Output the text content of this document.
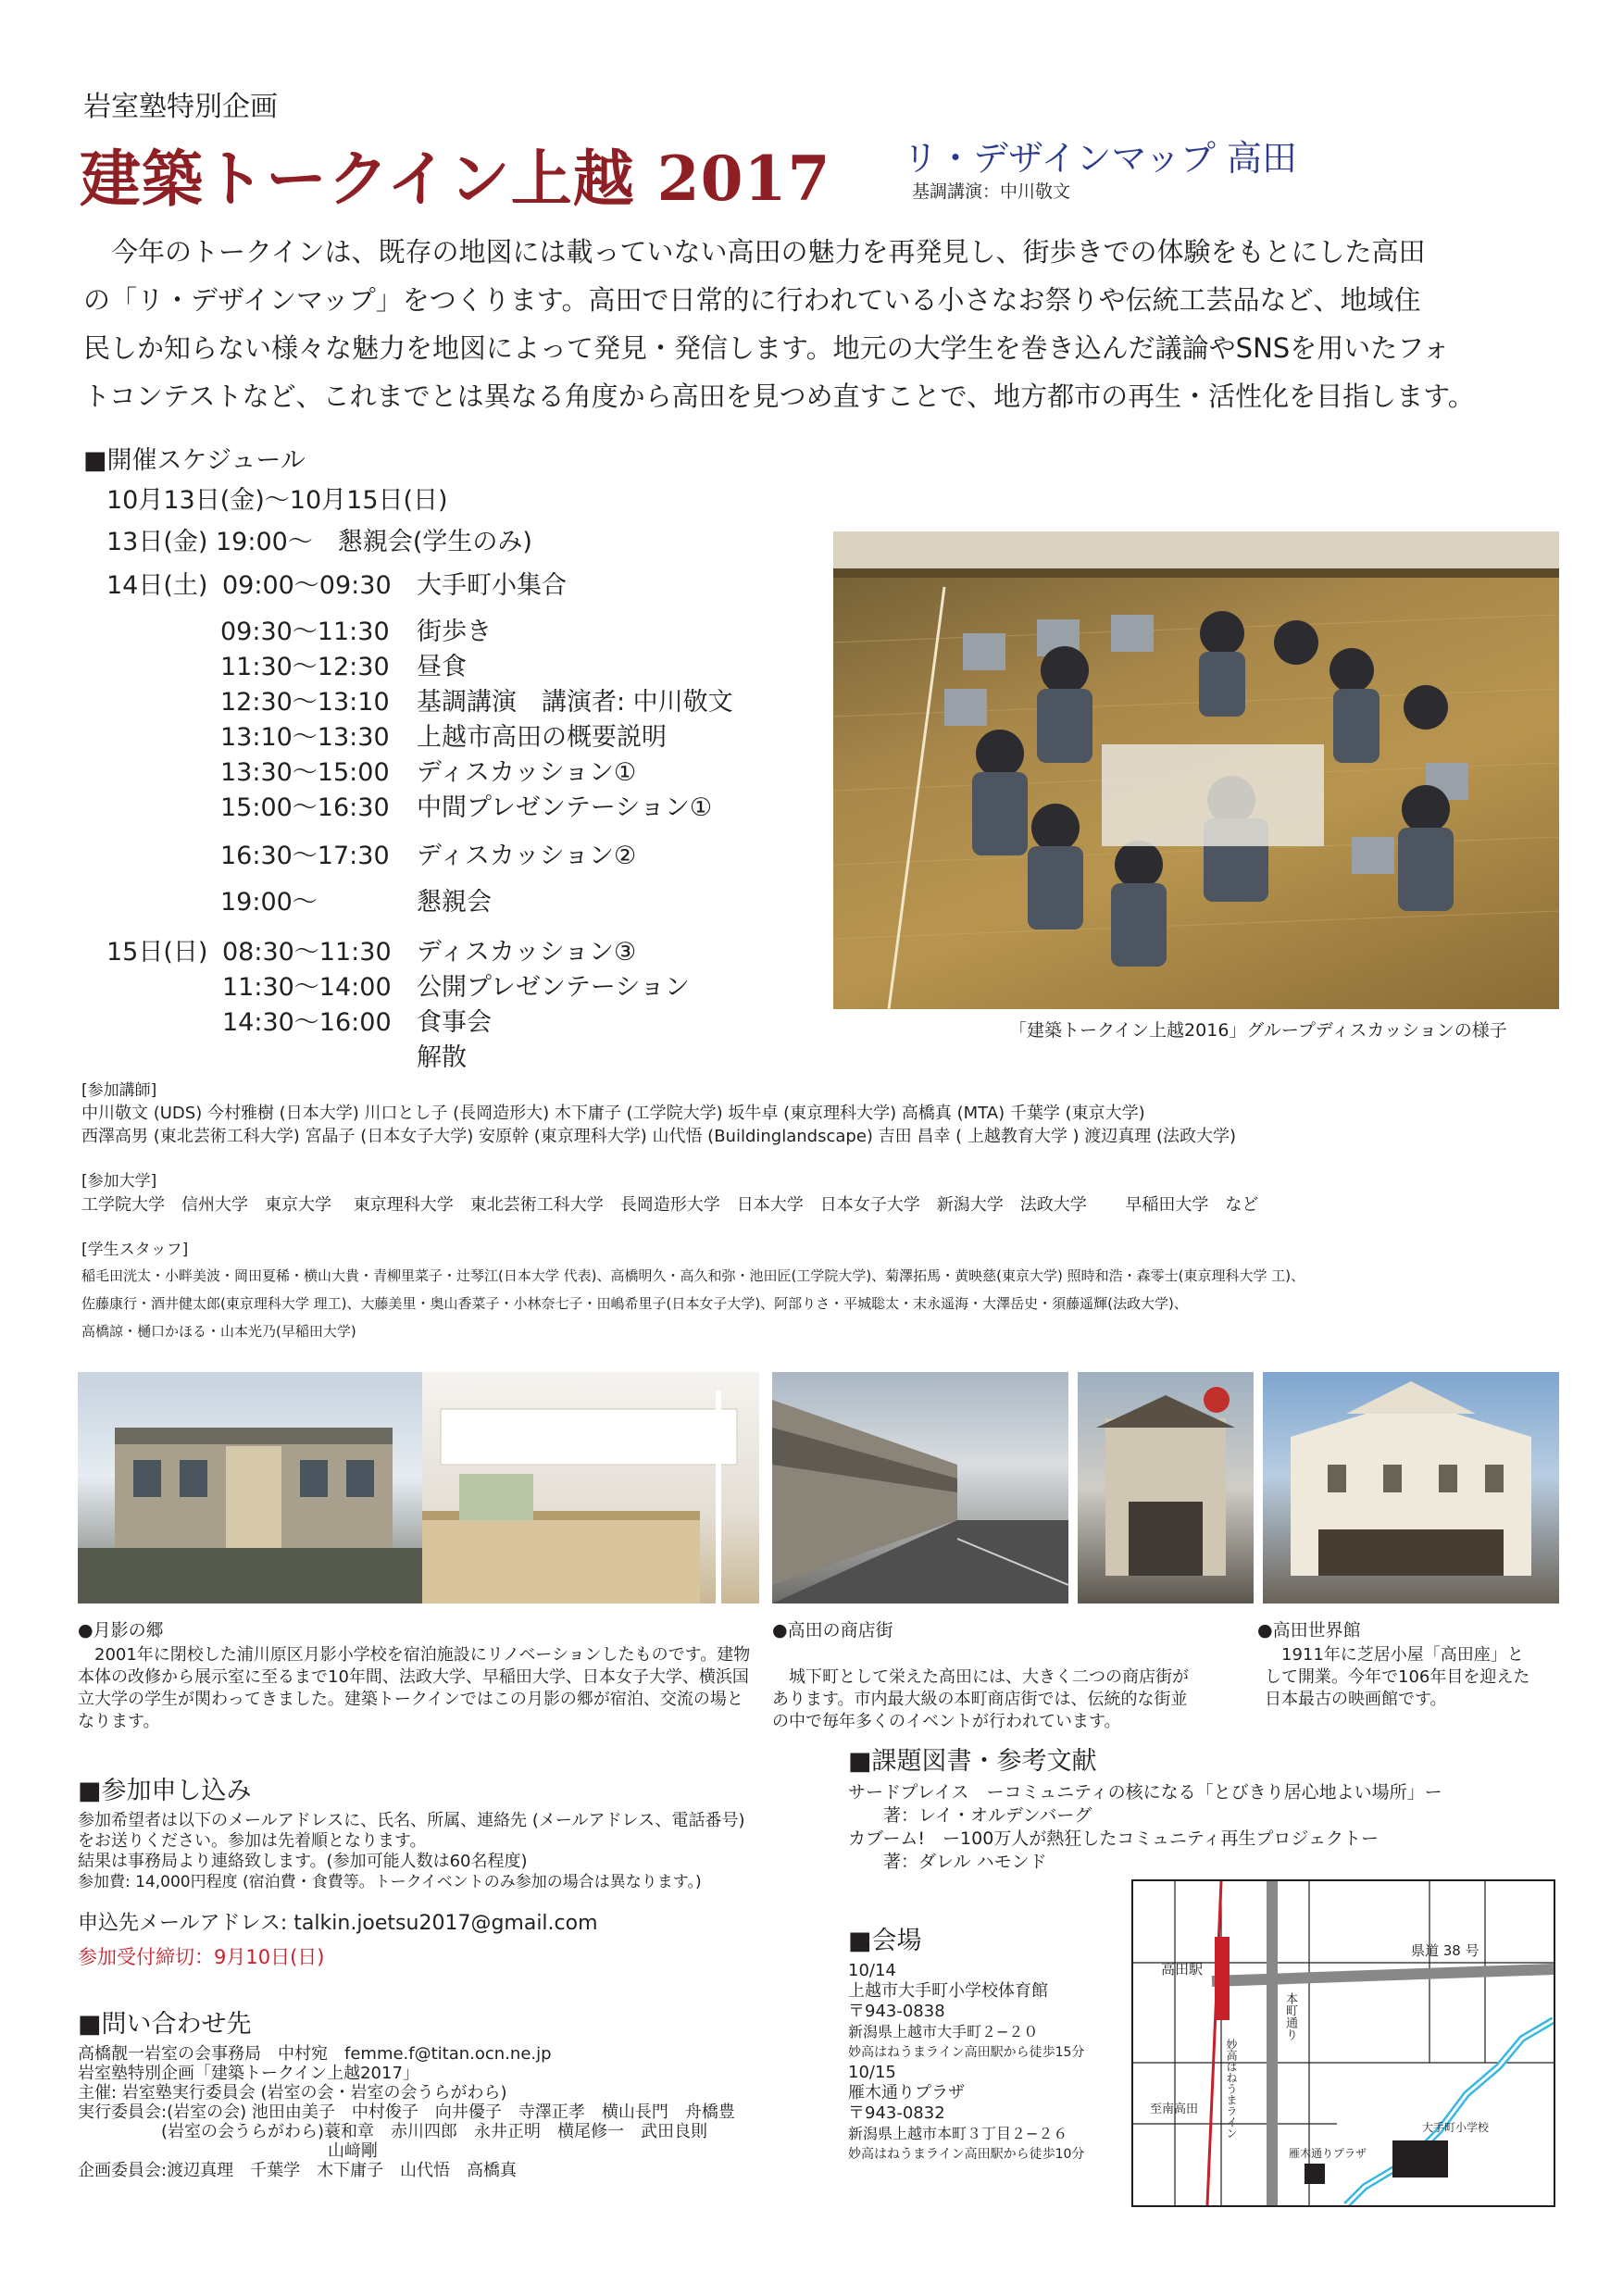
岩室塾特別企画
建築トークイン上越 2017 リ・デザインマップ 高田
基調講演：中川敬文
今年のトークインは、既存の地図には載っていない高田の魅力を再発見し、街歩きでの体験をもとにした高田
の「リ・デザインマップ」をつくります。高田で日常的に行われている小さなお祭りや伝統工芸品など、地域住
民しか知らない様々な魅力を地図によって発見・発信します。地元の大学生を巻き込んだ議論やSNSを用いたフォ
トコンテストなど、これまでとは異なる角度から高田を見つめ直すことで、地方都市の再生・活性化を目指します。
■開催スケジュール
10月13日(金)〜10月15日(日)
13日(金) 19:00〜　懇親会(学生のみ)
14日(土) 09:00〜09:30 大手町小集合
09:30〜11:30 街歩き
11:30〜12:30 昼食
12:30〜13:10 基調講演　講演者: 中川敬文
13:10〜13:30 上越市高田の概要説明
13:30〜15:00 ディスカッション①
15:00〜16:30 中間プレゼンテーション①
16:30〜17:30 ディスカッション②
19:00〜	懇親会
15日(日) 08:30〜11:30 ディスカッション③
11:30〜14:00 公開プレゼンテーション
14:30〜16:00 食事会
解散
「建築トークイン上越2016」グループディスカッションの様子
[参加講師]
中川敬文 (UDS) 今村雅樹 (日本大学) 川口とし子 (長岡造形大) 木下庸子 (工学院大学) 坂牛卓 (東京理科大学) 高橋真 (MTA) 千葉学 (東京大学)
西澤高男 (東北芸術工科大学) 宮晶子 (日本女子大学) 安原幹 (東京理科大学) 山代悟 (Buildinglandscape) 吉田 昌幸 ( 上越教育大学 ) 渡辺真理 (法政大学)
[参加大学]
工学院大学　信州大学　東京大学　 東京理科大学　東北芸術工科大学　長岡造形大学　日本大学　日本女子大学　新潟大学　法政大学　　 早稲田大学　など
[学生スタッフ]
稲毛田洸太・小畔美波・岡田夏稀・横山大貴・青柳里菜子・辻琴江(日本大学 代表)、高橋明久・高久和弥・池田匠(工学院大学)、菊澤拓馬・黄映慈(東京大学) 照時和浩・森零士(東京理科大学 工)、
佐藤康行・酒井健太郎(東京理科大学 理工)、大藤美里・奥山香菜子・小林奈七子・田嶋希里子(日本女子大学)、阿部りさ・平城聡太・末永遥海・大澤岳史・須藤遥輝(法政大学)、
高橋諒・樋口かほる・山本光乃(早稲田大学)
●月影の郷
　2001年に閉校した浦川原区月影小学校を宿泊施設にリノベーションしたものです。建物
本体の改修から展示室に至るまで10年間、法政大学、早稲田大学、日本女子大学、横浜国
立大学の学生が関わってきました。建築トークインではこの月影の郷が宿泊、交流の場と
なります。
●高田の商店街
　城下町として栄えた高田には、大きく二つの商店街が
あります。市内最大級の本町商店街では、伝統的な街並
の中で毎年多くのイベントが行われています。
●高田世界館
　1911年に芝居小屋「高田座」と
して開業。今年で106年目を迎えた
日本最古の映画館です。
■参加申し込み
参加希望者は以下のメールアドレスに、氏名、所属、連絡先 (メールアドレス、電話番号)
をお送りください。参加は先着順となります。
結果は事務局より連絡致します。(参加可能人数は60名程度)
参加費: 14,000円程度 (宿泊費・食費等。トークイベントのみ参加の場合は異なります。)
申込先メールアドレス: talkin.joetsu2017@gmail.com
参加受付締切：9月10日(日)
■問い合わせ先
高橋靓一岩室の会事務局　中村宛　femme.f@titan.ocn.ne.jp
岩室塾特別企画「建築トークイン上越2017」
主催: 岩室塾実行委員会 (岩室の会・岩室の会うらがわら)
実行委員会:(岩室の会) 池田由美子　中村俊子　向井優子　寺澤正孝　横山長門　舟橋豊
　　　　　(岩室の会うらがわら)蓑和章　赤川四郎　永井正明　横尾修一　武田良則
　　　　　　　　　　　　　　　山﨑剛
企画委員会:渡辺真理　千葉学　木下庸子　山代悟　高橋真
■課題図書・参考文献
サードプレイス　ーコミュニティの核になる「とびきり居心地よい場所」ー
　　著：レイ・オルデンバーグ
カブーム!　ー100万人が熱狂したコミュニティ再生プロジェクトー
　　著：ダレル ハモンド
■会場
10/14
上越市大手町小学校体育館
〒943-0838
新潟県上越市大手町２−２０
妙高はねうまライン高田駅から徒歩15分
10/15
雁木通りプラザ
〒943-0832
新潟県上越市本町３丁目２−２６
妙高はねうまライン高田駅から徒歩10分
高田駅
県道 38 号
本町通り
妙高はねうまライン
至南高田
雁木通りプラザ
大手町小学校
